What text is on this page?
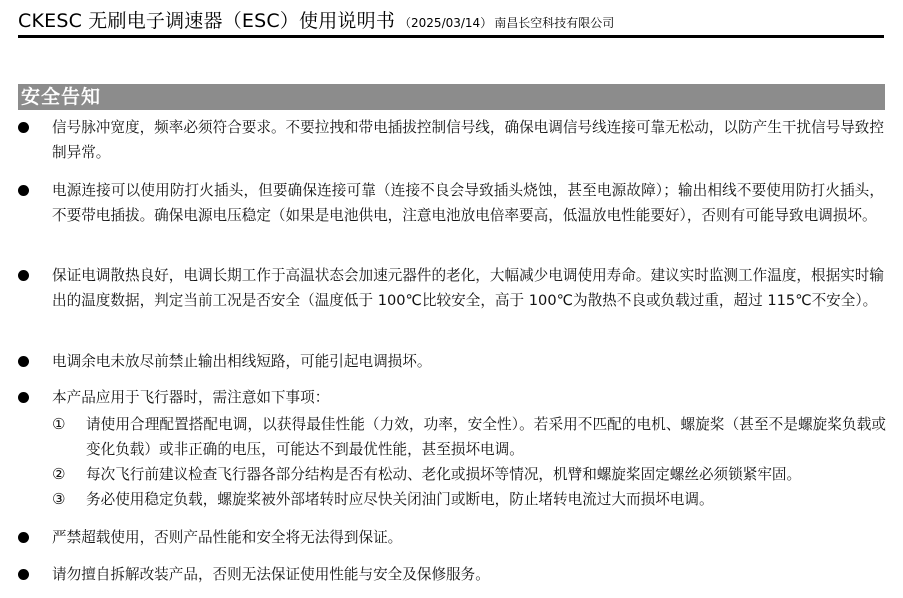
CKESC 无刷电子调速器（ESC）使用说明书 （2025/03/14） 南昌长空科技有限公司
安全告知
信号脉冲宽度，频率必须符合要求。不要拉拽和带电插拔控制信号线，确保电调信号线连接可靠无松动，以防产生干扰信号导致控制异常。
电源连接可以使用防打火插头，但要确保连接可靠（连接不良会导致插头烧蚀，甚至电源故障）；输出相线不要使用防打火插头，不要带电插拔。确保电源电压稳定（如果是电池供电，注意电池放电倍率要高，低温放电性能要好），否则有可能导致电调损坏。
保证电调散热良好，电调长期工作于高温状态会加速元器件的老化，大幅减少电调使用寿命。建议实时监测工作温度，根据实时输出的温度数据，判定当前工况是否安全（温度低于 100℃比较安全，高于 100℃为散热不良或负载过重，超过 115℃不安全）。
电调余电未放尽前禁止输出相线短路，可能引起电调损坏。
本产品应用于飞行器时，需注意如下事项：
① 请使用合理配置搭配电调，以获得最佳性能（力效，功率，安全性）。若采用不匹配的电机、螺旋桨（甚至不是螺旋桨负载或变化负载）或非正确的电压，可能达不到最优性能，甚至损坏电调。
② 每次飞行前建议检查飞行器各部分结构是否有松动、老化或损坏等情况，机臂和螺旋桨固定螺丝必须锁紧牢固。
③ 务必使用稳定负载，螺旋桨被外部堵转时应尽快关闭油门或断电，防止堵转电流过大而损坏电调。
严禁超载使用，否则产品性能和安全将无法得到保证。
请勿擅自拆解改装产品，否则无法保证使用性能与安全及保修服务。
